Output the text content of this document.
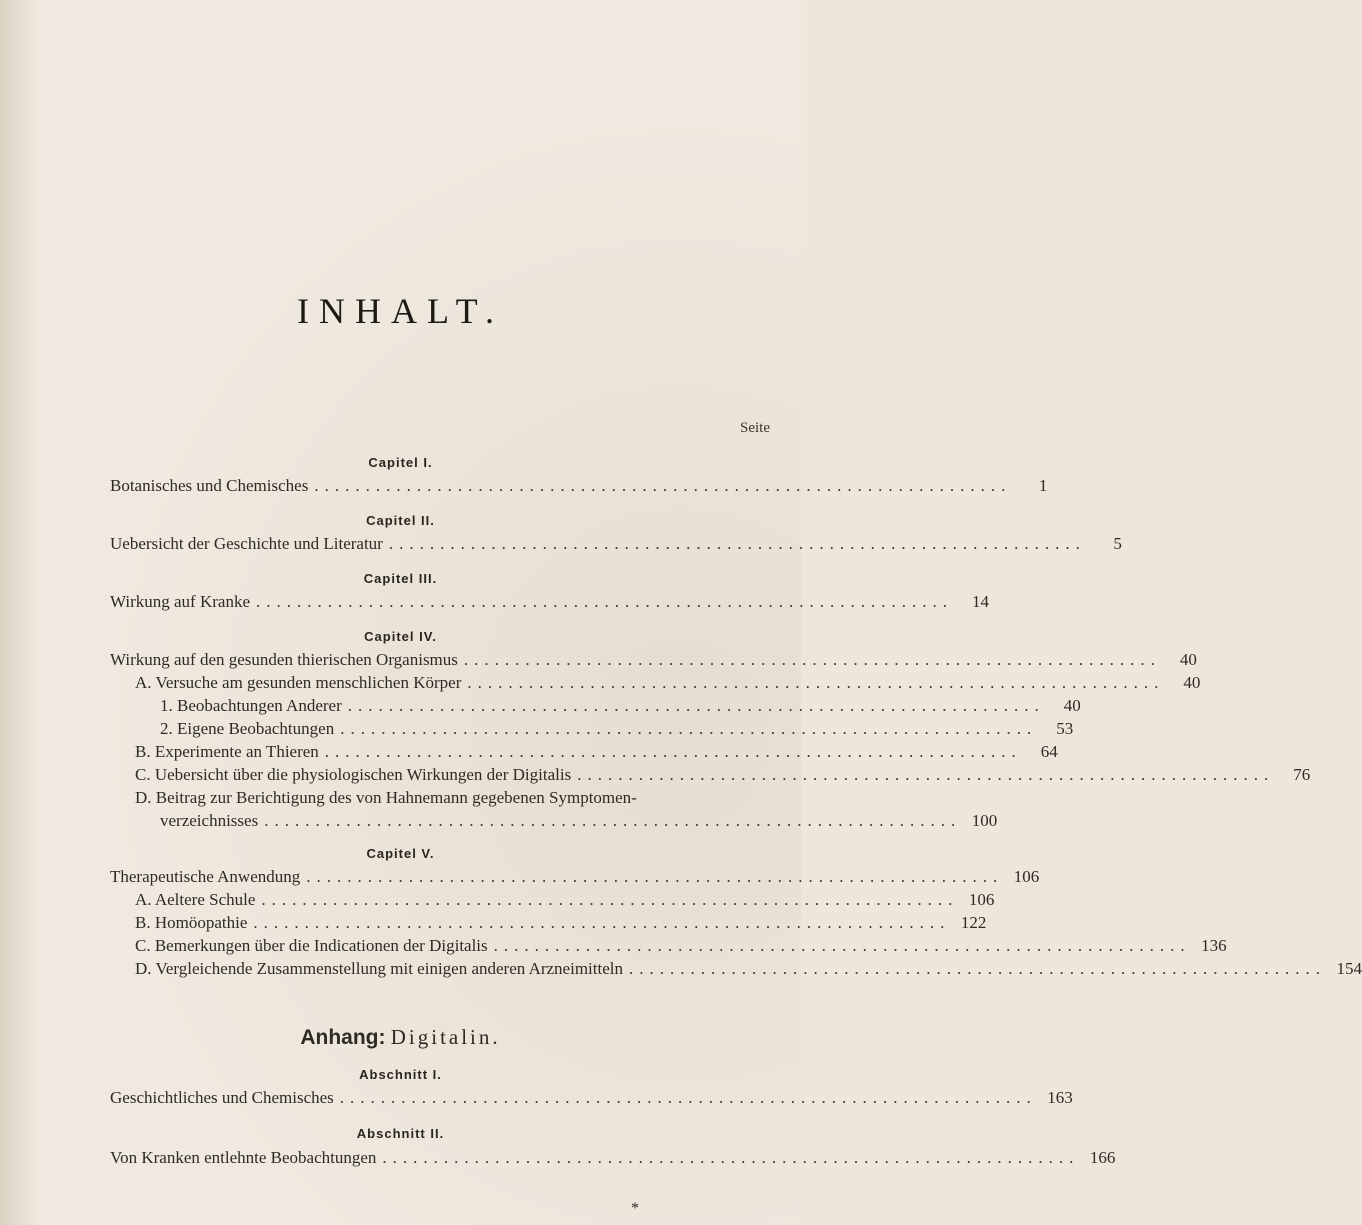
INHALT.
Seite
Capitel I.
Botanisches und Chemisches ....................................................................	1
Capitel II.
Uebersicht der Geschichte und Literatur ....................................................................	5
Capitel III.
Wirkung auf Kranke ....................................................................	14
Capitel IV.
Wirkung auf den gesunden thierischen Organismus ....................................................................	40
A. Versuche am gesunden menschlichen Körper ....................................................................	40
1. Beobachtungen Anderer ....................................................................	40
2. Eigene Beobachtungen ....................................................................	53
B. Experimente an Thieren ....................................................................	64
C. Uebersicht über die physiologischen Wirkungen der Digitalis ....................................................................	76
D. Beitrag zur Berichtigung des von Hahnemann gegebenen Symptomen-
verzeichnisses .................................................................... 100
Capitel V.
Therapeutische Anwendung .................................................................... 106
A. Aeltere Schule .................................................................... 106
B. Homöopathie .................................................................... 122
C. Bemerkungen über die Indicationen der Digitalis .................................................................... 136
D. Vergleichende Zusammenstellung mit einigen anderen Arzneimitteln .................................................................... 154
Anhang: Digitalin.
Abschnitt I.
Geschichtliches und Chemisches .................................................................... 163
Abschnitt II.
Von Kranken entlehnte Beobachtungen .................................................................... 166
*
